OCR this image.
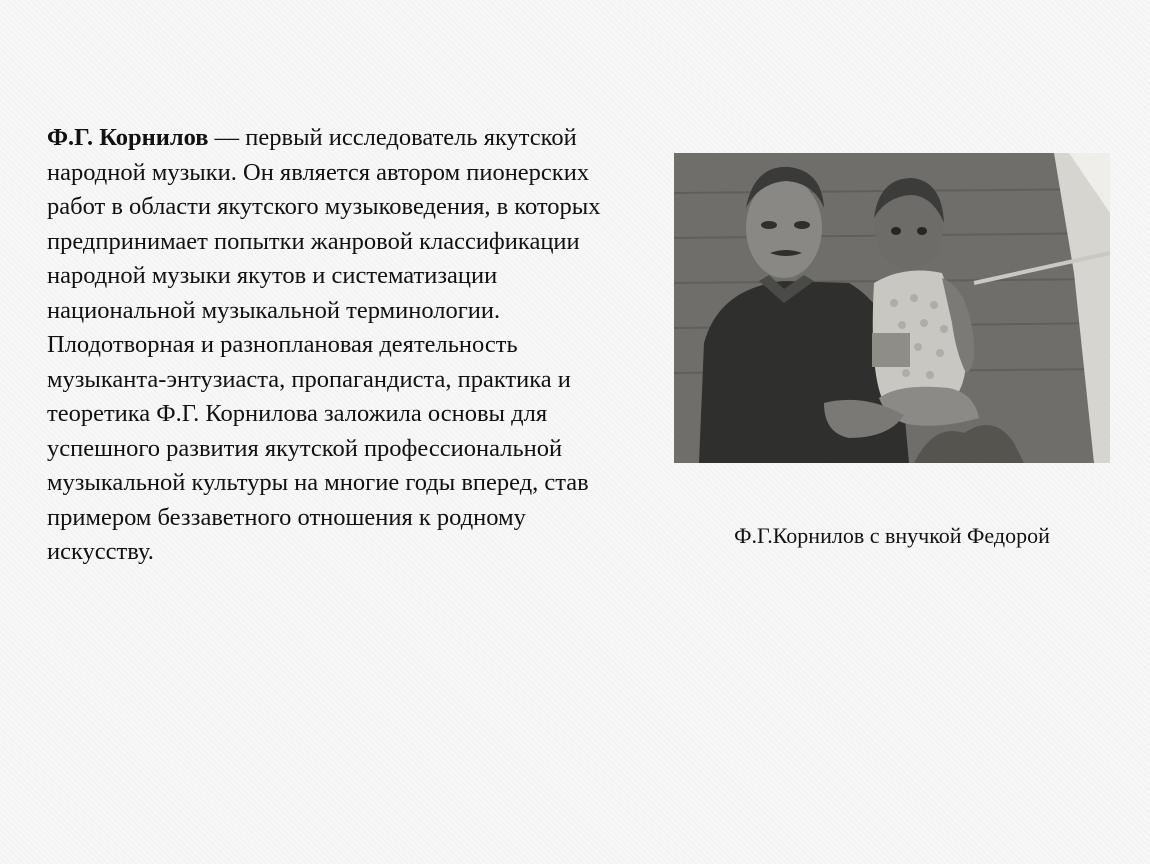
Ф.Г. Корнилов — первый исследователь якутской народной музыки. Он является автором пионерских работ в области якутского музыковедения, в которых предпринимает попытки жанровой классификации народной музыки якутов и систематизации национальной музыкальной терминологии. Плодотворная и разноплановая деятельность музыканта-энтузиаста, пропагандиста, практика и теоретика Ф.Г. Корнилова заложила основы для успешного развития якутской профессиональной музыкальной культуры на многие годы вперед, став примером беззаветного отношения к родному искусству.
Ф.Г.Корнилов с внучкой Федорой
